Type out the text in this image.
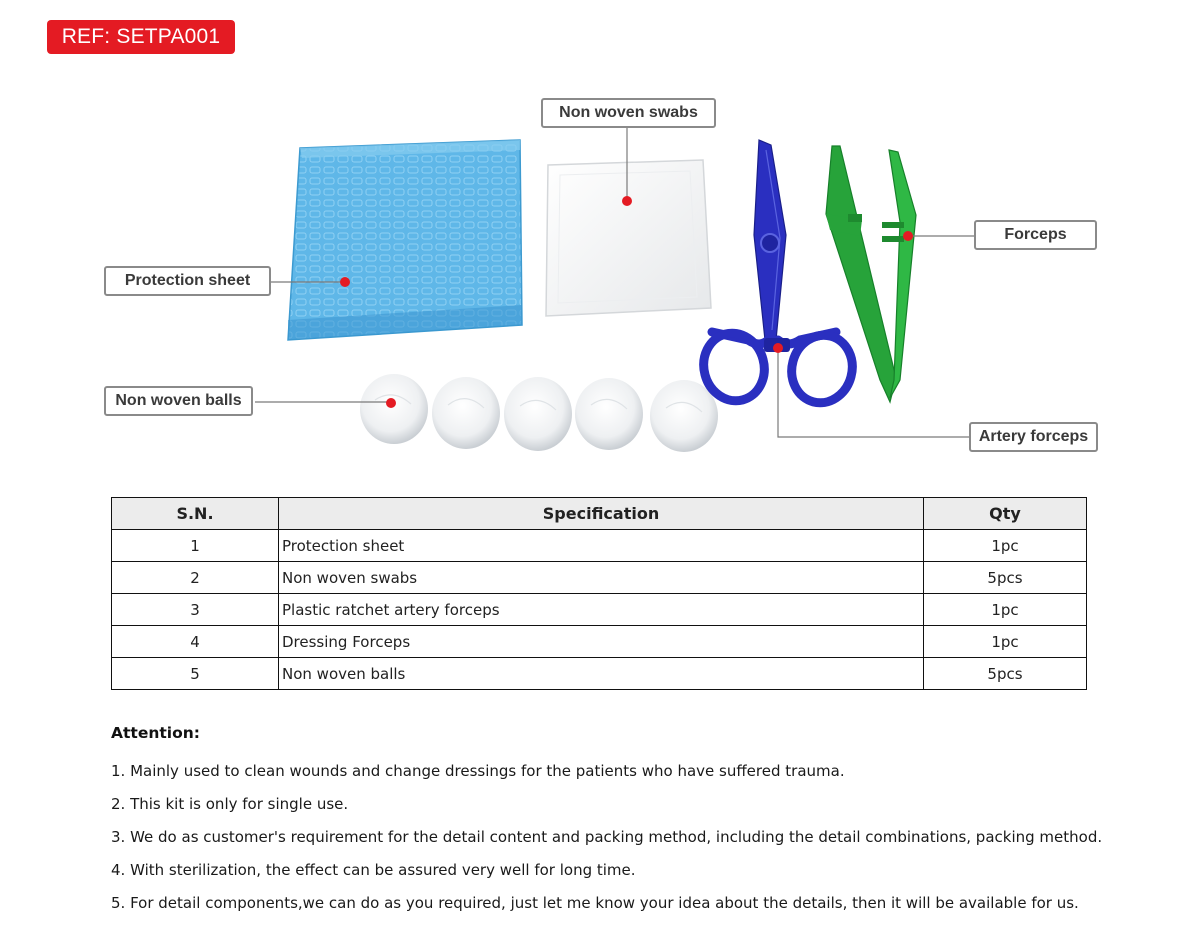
REF: SETPA001
Protection sheet
Non woven swabs
Forceps
Non woven balls
Artery forceps
S.N.	Specification	Qty
1	Protection sheet	1pc
2	Non woven swabs	5pcs
3	Plastic ratchet artery forceps	1pc
4	Dressing Forceps	1pc
5	Non woven balls	5pcs
Attention:

1. Mainly used to clean wounds and change dressings for the patients who have suffered trauma.

2. This kit is only for single use.

3. We do as customer's requirement for the detail content and packing method, including the detail combinations, packing method.

4. With sterilization, the effect can be assured very well for long time.

5. For detail components,we can do as you required, just let me know your idea about the details, then it will be available for us.
